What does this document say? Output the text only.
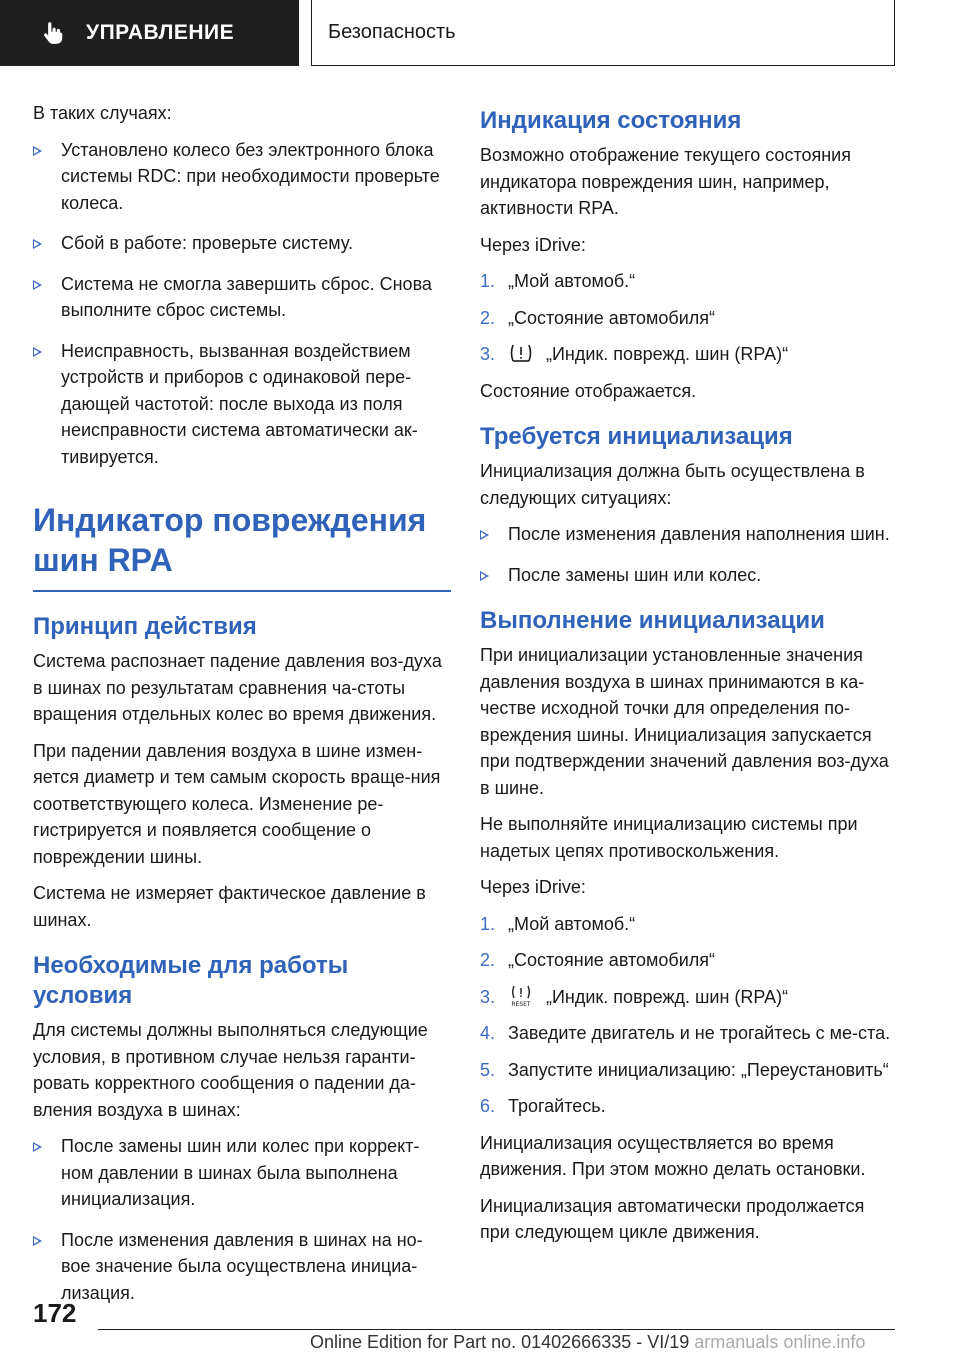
УПРАВЛЕНИЕ	Безопасность

В таких случаях:

Установлено колесо без электронного блока системы RDC: при необходимости проверьте колеса.
Сбой в работе: проверьте систему.
Система не смогла завершить сброс. Снова выполните сброс системы.
Неисправность, вызванная воздействием устройств и приборов с одинаковой пере-дающей частотой: после выхода из поля неисправности система автоматически ак-тивируется.
Индикатор повреждения шин RPA
Принцип действия

Система распознает падение давления воз-духа в шинах по результатам сравнения ча-стоты вращения отдельных колес во время движения.

При падении давления воздуха в шине измен-яется диаметр и тем самым скорость враще-ния соответствующего колеса. Изменение ре-гистрируется и появляется сообщение о повреждении шины.

Система не измеряет фактическое давление в шинах.

Необходимые для работы условия

Для системы должны выполняться следующие условия, в противном случае нельзя гаранти-ровать корректного сообщения о падении да-вления воздуха в шинах:

После замены шин или колес при коррект-ном давлении в шинах была выполнена инициализация.
После изменения давления в шинах на но-вое значение была осуществлена инициа-лизация.
Индикация состояния

Возможно отображение текущего состояния индикатора повреждения шин, например, активности RPA.

Через iDrive:

1. „Мой автомоб.“
2. „Состояние автомобиля“
3.	„Индик. поврежд. шин (RPA)“

Состояние отображается.

Требуется инициализация

Инициализация должна быть осуществлена в следующих ситуациях:

После изменения давления наполнения шин.
После замены шин или колес.
Выполнение инициализации

При инициализации установленные значения давления воздуха в шинах принимаются в ка-честве исходной точки для определения по-вреждения шины. Инициализация запускается при подтверждении значений давления воз-духа в шине.

Не выполняйте инициализацию системы при надетых цепях противоскольжения.

Через iDrive:

1. „Мой автомоб.“
2. „Состояние автомобиля“
3.	RESET „Индик. поврежд. шин (RPA)“
4. Заведите двигатель и не трогайтесь с ме-ста.
5. Запустите инициализацию: „Переустановить“
6. Трогайтесь.

Инициализация осуществляется во время движения. При этом можно делать остановки.

Инициализация автоматически продолжается при следующем цикле движения.

172
Online Edition for Part no. 01402666335 - VI/19 armanuals online.info
